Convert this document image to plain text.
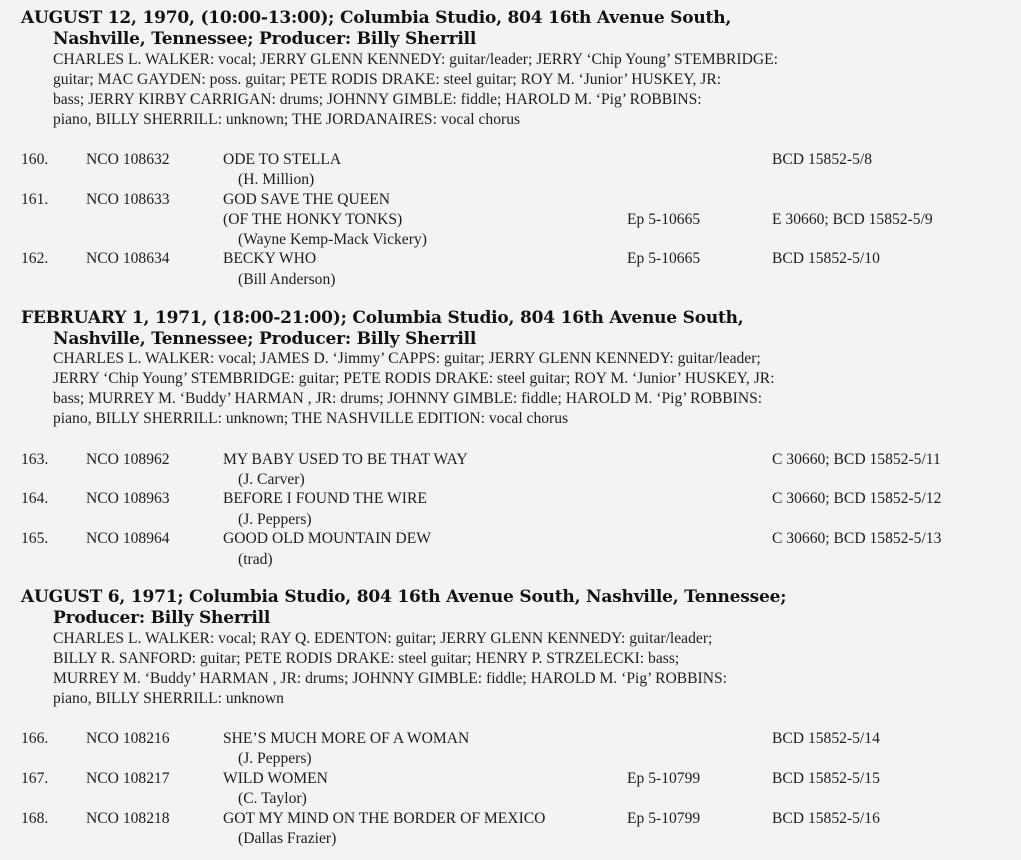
AUGUST 12, 1970, (10:00-13:00); Columbia Studio, 804 16th Avenue South,
Nashville, Tennessee; Producer: Billy Sherrill
CHARLES L. WALKER: vocal; JERRY GLENN KENNEDY: guitar/leader; JERRY ‘Chip Young’ STEMBRIDGE:
guitar; MAC GAYDEN: poss. guitar; PETE RODIS DRAKE: steel guitar; ROY M. ‘Junior’ HUSKEY, JR:
bass; JERRY KIRBY CARRIGAN: drums; JOHNNY GIMBLE: fiddle; HAROLD M. ‘Pig’ ROBBINS:
piano, BILLY SHERRILL: unknown; THE JORDANAIRES: vocal chorus
160. NCO 108632	ODE TO STELLA	BCD 15852-5/8
(H. Million)
161. NCO 108633	GOD SAVE THE QUEEN
(OF THE HONKY TONKS)	Ep 5-10665	E 30660; BCD 15852-5/9
(Wayne Kemp-Mack Vickery)
162. NCO 108634	BECKY WHO	Ep 5-10665	BCD 15852-5/10
(Bill Anderson)
FEBRUARY 1, 1971, (18:00-21:00); Columbia Studio, 804 16th Avenue South,
Nashville, Tennessee; Producer: Billy Sherrill
CHARLES L. WALKER: vocal; JAMES D. ‘Jimmy’ CAPPS: guitar; JERRY GLENN KENNEDY: guitar/leader;
JERRY ‘Chip Young’ STEMBRIDGE: guitar; PETE RODIS DRAKE: steel guitar; ROY M. ‘Junior’ HUSKEY, JR:
bass; MURREY M. ‘Buddy’ HARMAN , JR: drums; JOHNNY GIMBLE: fiddle; HAROLD M. ‘Pig’ ROBBINS:
piano, BILLY SHERRILL: unknown; THE NASHVILLE EDITION: vocal chorus
163. NCO 108962	MY BABY USED TO BE THAT WAY	C 30660; BCD 15852-5/11
(J. Carver)
164. NCO 108963	BEFORE I FOUND THE WIRE	C 30660; BCD 15852-5/12
(J. Peppers)
165. NCO 108964	GOOD OLD MOUNTAIN DEW	C 30660; BCD 15852-5/13
(trad)
AUGUST 6, 1971; Columbia Studio, 804 16th Avenue South, Nashville, Tennessee;
Producer: Billy Sherrill
CHARLES L. WALKER: vocal; RAY Q. EDENTON: guitar; JERRY GLENN KENNEDY: guitar/leader;
BILLY R. SANFORD: guitar; PETE RODIS DRAKE: steel guitar; HENRY P. STRZELECKI: bass;
MURREY M. ‘Buddy’ HARMAN , JR: drums; JOHNNY GIMBLE: fiddle; HAROLD M. ‘Pig’ ROBBINS:
piano, BILLY SHERRILL: unknown
166. NCO 108216	SHE’S MUCH MORE OF A WOMAN	BCD 15852-5/14
(J. Peppers)
167. NCO 108217	WILD WOMEN	Ep 5-10799	BCD 15852-5/15
(C. Taylor)
168. NCO 108218	GOT MY MIND ON THE BORDER OF MEXICO	Ep 5-10799	BCD 15852-5/16
(Dallas Frazier)
